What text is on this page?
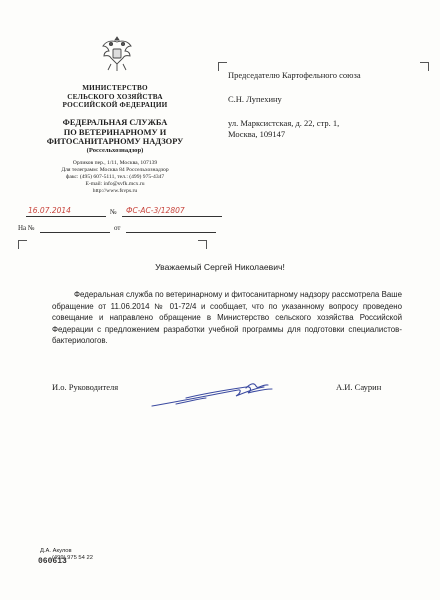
МИНИСТЕРСТВО
СЕЛЬСКОГО ХОЗЯЙСТВА
РОССИЙСКОЙ ФЕДЕРАЦИИ
ФЕДЕРАЛЬНАЯ СЛУЖБА
ПО ВЕТЕРИНАРНОМУ И
ФИТОСАНИТАРНОМУ НАДЗОРУ
(Россельхознадзор)
Орликов пер., 1/11, Москва, 107139
Для телеграмм: Москва 84 Россельхознадзор
факс: (495) 607-5111, тел.: (499) 975-4347
E-mail: info@svfk.mcx.ru
http://www.fsvps.ru
16.07.2014	№ ФС-АС-3/12807
На №	от

Председателю Картофельного союза

С.Н. Лупехину

ул. Марксистская, д. 22, стр. 1,

Москва, 109147

Уважаемый Сергей Николаевич!
Федеральная служба по ветеринарному и фитосанитарному надзору рассмотрела Ваше обращение от 11.06.2014 № 01-72/4 и сообщает, что по указанному вопросу проведено совещание и направлено обращение в Министерство сельского хозяйства Российской Федерации с предложением разработки учебной программы для подготовки специалистов-бактериологов.
И.о. Руководителя	А.И. Саурин
Д.А. Акулов
(499) 975 54 22
060613
